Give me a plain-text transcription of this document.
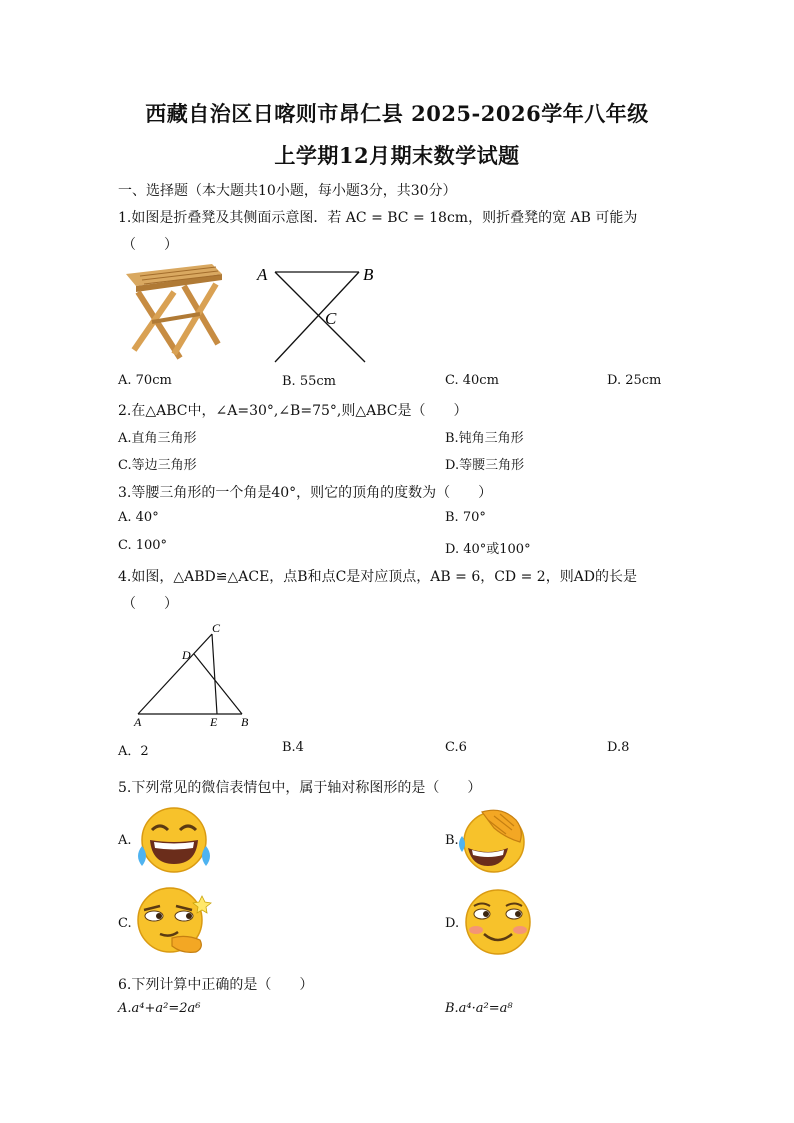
西藏自治区日喀则市昂仁县 2025-2026学年八年级
上学期12月期末数学试题
一、选择题（本大题共10小题，每小题3分，共30分）
1.如图是折叠凳及其侧面示意图．若 AC = BC = 18cm，则折叠凳的宽 AB 可能为
（　　）
A	B
C
A. 70cm	B. 55cm	C. 40cm	D. 25cm
2.在△ABC中，∠A=30°,∠B=75°,则△ABC是（　　）
A.直角三角形	B.钝角三角形
C.等边三角形	D.等腰三角形
3.等腰三角形的一个角是40°，则它的顶角的度数为（　　）
A. 40°	B. 70°
C. 100°	D. 40°或100°
4.如图，△ABD≌△ACE，点B和点C是对应顶点，AB = 6，CD = 2，则AD的长是
（　　）
C
D
A	E B
A．2	B.4	C.6	D.8
5.下列常见的微信表情包中，属于轴对称图形的是（　　）
A.	B.
C.	D.
6.下列计算中正确的是（　　）
A.a⁴+a²=2a⁶	B.a⁴·a²=a⁸
